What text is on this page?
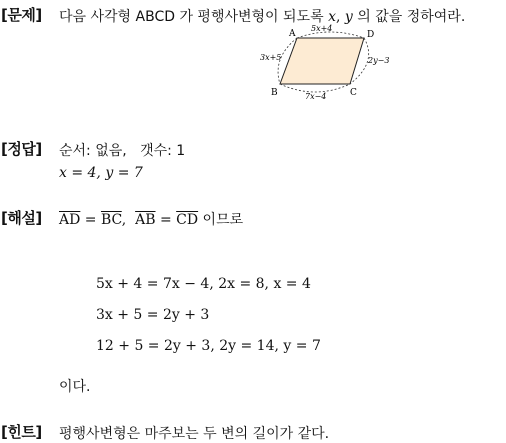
[문제] 다음 사각형 ABCD 가 평행사변형이 되도록 x, y 의 값을 정하여라.
A
B	C
D
5x+4
3x+5	2y−3
7x−4
[정답] 순서: 없음, 갯수: 1
x = 4, y = 7
[해설] $\overline{AD} = \overline{BC}$,  $\overline{AB} = \overline{CD}$ 이므로
5x + 4 = 7x − 4, 2x = 8, x = 4
3x + 5 = 2y + 3
12 + 5 = 2y + 3, 2y = 14, y = 7
이다.
[힌트] 평행사변형은 마주보는 두 변의 길이가 같다.
